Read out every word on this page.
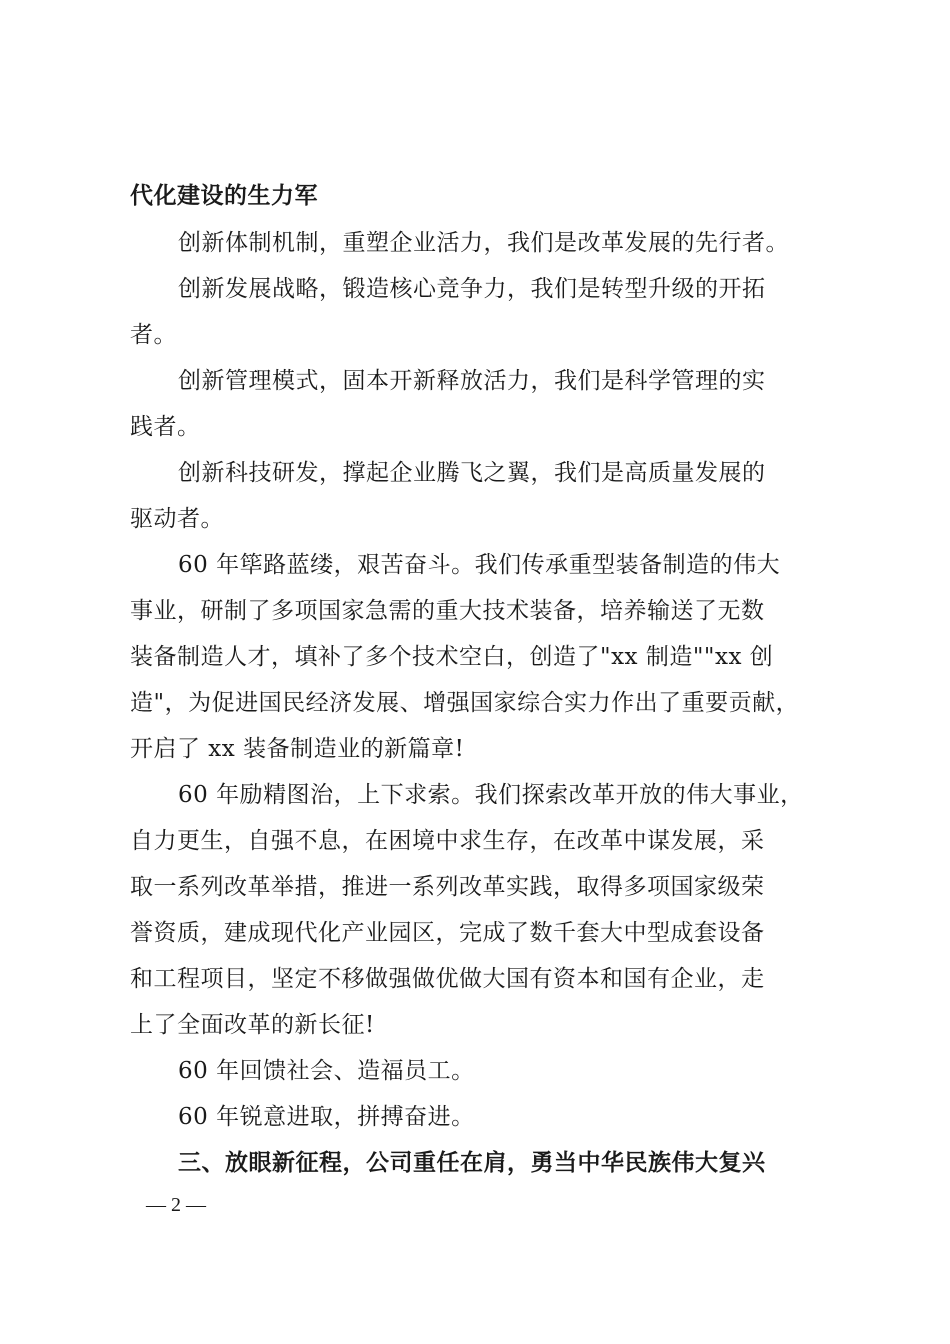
代化建设的生力军
创新体制机制，重塑企业活力，我们是改革发展的先行者。
创新发展战略，锻造核心竞争力，我们是转型升级的开拓
者。
创新管理模式，固本开新释放活力，我们是科学管理的实
践者。
创新科技研发，撑起企业腾飞之翼，我们是高质量发展的
驱动者。
60 年筚路蓝缕，艰苦奋斗。我们传承重型装备制造的伟大
事业，研制了多项国家急需的重大技术装备，培养输送了无数
装备制造人才，填补了多个技术空白，创造了"xx 制造""xx 创
造"，为促进国民经济发展、增强国家综合实力作出了重要贡献，
开启了 xx 装备制造业的新篇章!
60 年励精图治，上下求索。我们探索改革开放的伟大事业，
自力更生，自强不息，在困境中求生存，在改革中谋发展，采
取一系列改革举措，推进一系列改革实践，取得多项国家级荣
誉资质，建成现代化产业园区，完成了数千套大中型成套设备
和工程项目，坚定不移做强做优做大国有资本和国有企业，走
上了全面改革的新长征!
60 年回馈社会、造福员工。
60 年锐意进取，拼搏奋进。
三、放眼新征程，公司重任在肩，勇当中华民族伟大复兴
— 2 —
